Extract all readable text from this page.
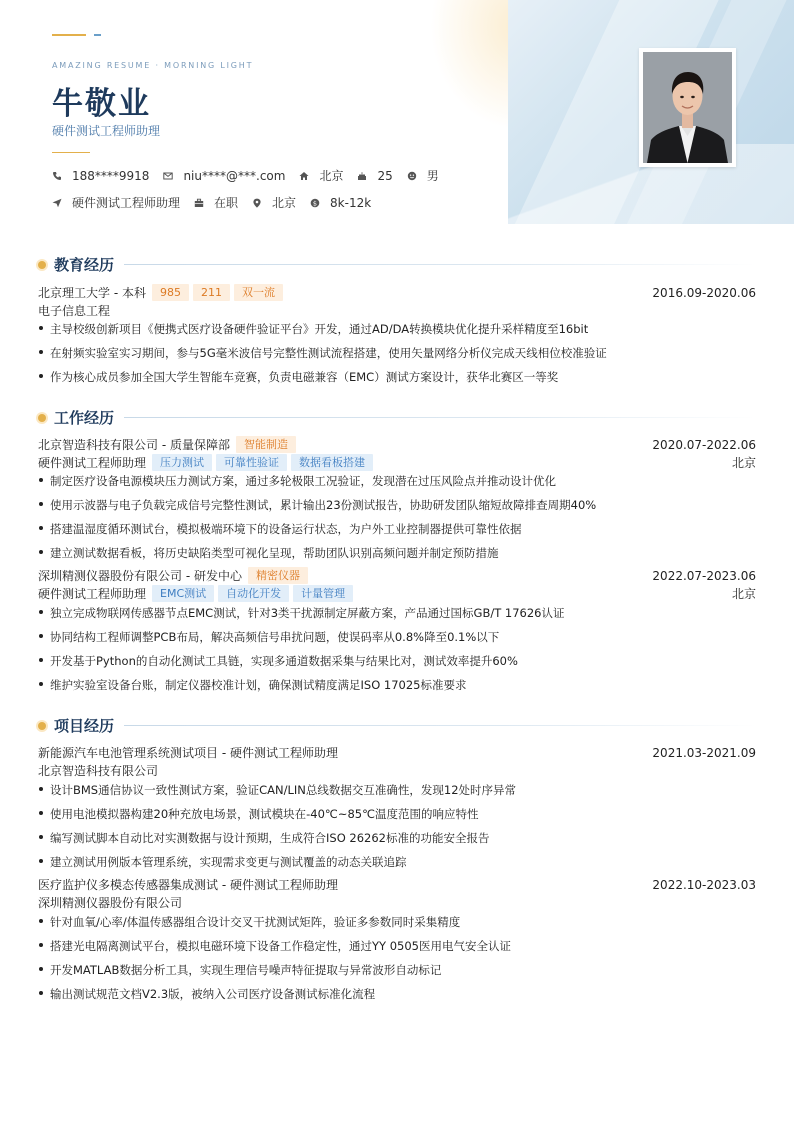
AMAZING RESUME · MORNING LIGHT
牛敬业
硬件测试工程师助理
188****9918	niu****@***.com	北京	25	男
硬件测试工程师助理	在职	北京	$ 8k-12k
教育经历
北京理工大学 - 本科	985	211	双一流	2016.09-2020.06
电子信息工程
主导校级创新项目《便携式医疗设备硬件验证平台》开发，通过AD/DA转换模块优化提升采样精度至16bit
在射频实验室实习期间，参与5G毫米波信号完整性测试流程搭建，使用矢量网络分析仪完成天线相位校准验证
作为核心成员参加全国大学生智能车竞赛，负责电磁兼容（EMC）测试方案设计，获华北赛区一等奖
工作经历
北京智造科技有限公司 - 质量保障部	智能制造	2020.07-2022.06
硬件测试工程师助理	压力测试	可靠性验证	数据看板搭建	北京
制定医疗设备电源模块压力测试方案，通过多轮极限工况验证，发现潜在过压风险点并推动设计优化
使用示波器与电子负载完成信号完整性测试，累计输出23份测试报告，协助研发团队缩短故障排查周期40%
搭建温湿度循环测试台，模拟极端环境下的设备运行状态，为户外工业控制器提供可靠性依据
建立测试数据看板，将历史缺陷类型可视化呈现，帮助团队识别高频问题并制定预防措施
深圳精测仪器股份有限公司 - 研发中心	精密仪器	2022.07-2023.06
硬件测试工程师助理	EMC测试	自动化开发	计量管理	北京
独立完成物联网传感器节点EMC测试，针对3类干扰源制定屏蔽方案，产品通过国标GB/T 17626认证
协同结构工程师调整PCB布局，解决高频信号串扰问题，使误码率从0.8%降至0.1%以下
开发基于Python的自动化测试工具链，实现多通道数据采集与结果比对，测试效率提升60%
维护实验室设备台账，制定仪器校准计划，确保测试精度满足ISO 17025标准要求
项目经历
新能源汽车电池管理系统测试项目 - 硬件测试工程师助理	2021.03-2021.09
北京智造科技有限公司
设计BMS通信协议一致性测试方案，验证CAN/LIN总线数据交互准确性，发现12处时序异常
使用电池模拟器构建20种充放电场景，测试模块在-40℃~85℃温度范围的响应特性
编写测试脚本自动比对实测数据与设计预期，生成符合ISO 26262标准的功能安全报告
建立测试用例版本管理系统，实现需求变更与测试覆盖的动态关联追踪
医疗监护仪多模态传感器集成测试 - 硬件测试工程师助理	2022.10-2023.03
深圳精测仪器股份有限公司
针对血氧/心率/体温传感器组合设计交叉干扰测试矩阵，验证多参数同时采集精度
搭建光电隔离测试平台，模拟电磁环境下设备工作稳定性，通过YY 0505医用电气安全认证
开发MATLAB数据分析工具，实现生理信号噪声特征提取与异常波形自动标记
输出测试规范文档V2.3版，被纳入公司医疗设备测试标准化流程
